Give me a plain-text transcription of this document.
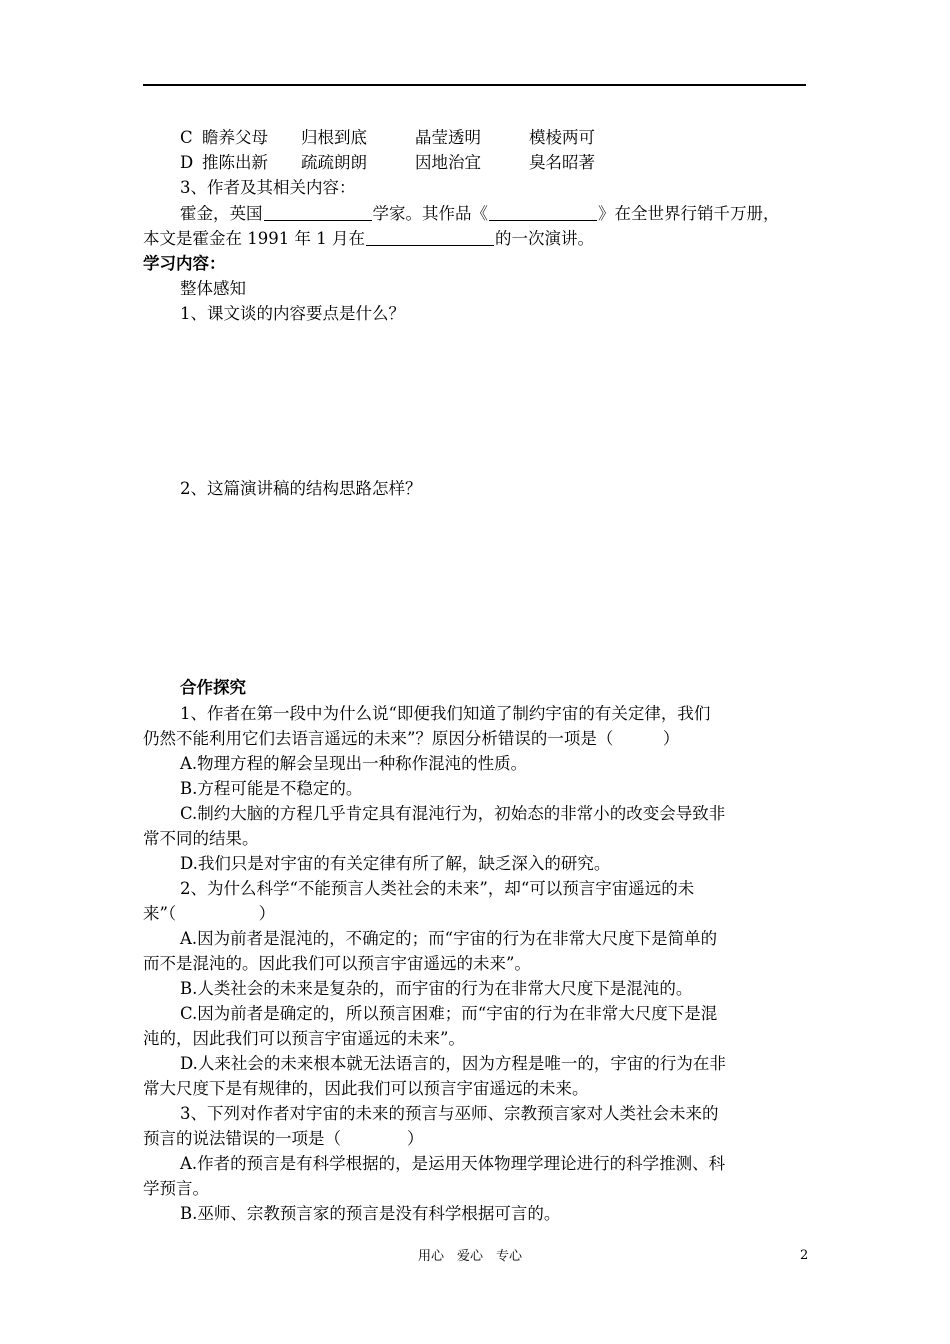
C 瞻养父母 归根到底	晶莹透明	模棱两可
D 推陈出新 疏疏朗朗	因地治宜	臭名昭著
3、作者及其相关内容：
霍金，英国	学家。其作品《	》在全世界行销千万册，
本文是霍金在 1991 年 1 月在	的一次演讲。
学习内容：
整体感知
1、课文谈的内容要点是什么？
2、这篇演讲稿的结构思路怎样？
合作探究
1、作者在第一段中为什么说“即便我们知道了制约宇宙的有关定律，我们
仍然不能利用它们去语言遥远的未来”？原因分析错误的一项是（　　　）
A.物理方程的解会呈现出一种称作混沌的性质。
B.方程可能是不稳定的。
C.制约大脑的方程几乎肯定具有混沌行为，初始态的非常小的改变会导致非
常不同的结果。
D.我们只是对宇宙的有关定律有所了解，缺乏深入的研究。
2、为什么科学“不能预言人类社会的未来”，却“可以预言宇宙遥远的未
来”（　　　　　）
A.因为前者是混沌的，不确定的；而“宇宙的行为在非常大尺度下是简单的
而不是混沌的。因此我们可以预言宇宙遥远的未来”。
B.人类社会的未来是复杂的，而宇宙的行为在非常大尺度下是混沌的。
C.因为前者是确定的，所以预言困难；而“宇宙的行为在非常大尺度下是混
沌的，因此我们可以预言宇宙遥远的未来”。
D.人来社会的未来根本就无法语言的，因为方程是唯一的，宇宙的行为在非
常大尺度下是有规律的，因此我们可以预言宇宙遥远的未来。
3、下列对作者对宇宙的未来的预言与巫师、宗教预言家对人类社会未来的
预言的说法错误的一项是（　　　　）
A.作者的预言是有科学根据的，是运用天体物理学理论进行的科学推测、科
学预言。
B.巫师、宗教预言家的预言是没有科学根据可言的。
用心　爱心　专心	2
